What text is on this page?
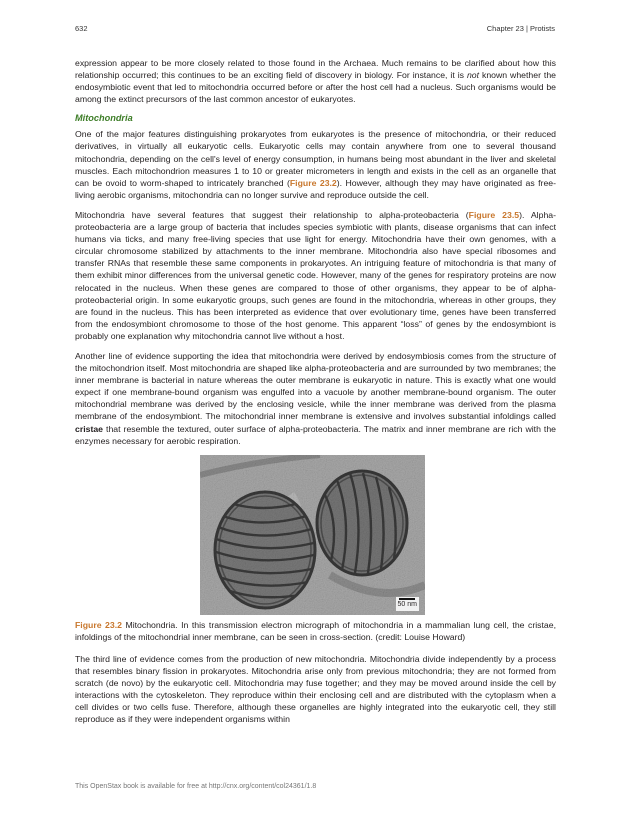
632	Chapter 23 | Protists

expression appear to be more closely related to those found in the Archaea. Much remains to be clarified about how this relationship occurred; this continues to be an exciting field of discovery in biology. For instance, it is not known whether the endosymbiotic event that led to mitochondria occurred before or after the host cell had a nucleus. Such organisms would be among the extinct precursors of the last common ancestor of eukaryotes.

Mitochondria

One of the major features distinguishing prokaryotes from eukaryotes is the presence of mitochondria, or their reduced derivatives, in virtually all eukaryotic cells. Eukaryotic cells may contain anywhere from one to several thousand mitochondria, depending on the cell's level of energy consumption, in humans being most abundant in the liver and skeletal muscles. Each mitochondrion measures 1 to 10 or greater micrometers in length and exists in the cell as an organelle that can be ovoid to worm-shaped to intricately branched (Figure 23.2). However, although they may have originated as free-living aerobic organisms, mitochondria can no longer survive and reproduce outside the cell.

Mitochondria have several features that suggest their relationship to alpha-proteobacteria (Figure 23.5). Alpha-proteobacteria are a large group of bacteria that includes species symbiotic with plants, disease organisms that can infect humans via ticks, and many free-living species that use light for energy. Mitochondria have their own genomes, with a circular chromosome stabilized by attachments to the inner membrane. Mitochondria also have special ribosomes and transfer RNAs that resemble these same components in prokaryotes. An intriguing feature of mitochondria is that many of them exhibit minor differences from the universal genetic code. However, many of the genes for respiratory proteins are now relocated in the nucleus. When these genes are compared to those of other organisms, they appear to be of alpha-proteobacterial origin. In some eukaryotic groups, such genes are found in the mitochondria, whereas in other groups, they are found in the nucleus. This has been interpreted as evidence that over evolutionary time, genes have been transferred from the endosymbiont chromosome to those of the host genome. This apparent “loss” of genes by the endosymbiont is probably one explanation why mitochondria cannot live without a host.

Another line of evidence supporting the idea that mitochondria were derived by endosymbiosis comes from the structure of the mitochondrion itself. Most mitochondria are shaped like alpha-proteobacteria and are surrounded by two membranes; the inner membrane is bacterial in nature whereas the outer membrane is eukaryotic in nature. This is exactly what one would expect if one membrane-bound organism was engulfed into a vacuole by another membrane-bound organism. The outer mitochondrial membrane was derived by the enclosing vesicle, while the inner membrane was derived from the plasma membrane of the endosymbiont. The mitochondrial inner membrane is extensive and involves substantial infoldings called cristae that resemble the textured, outer surface of alpha-proteobacteria. The matrix and inner membrane are rich with the enzymes necessary for aerobic respiration.

50 nm

Figure 23.2 Mitochondria. In this transmission electron micrograph of mitochondria in a mammalian lung cell, the cristae, infoldings of the mitochondrial inner membrane, can be seen in cross-section. (credit: Louise Howard)

The third line of evidence comes from the production of new mitochondria. Mitochondria divide independently by a process that resembles binary fission in prokaryotes. Mitochondria arise only from previous mitochondria; they are not formed from scratch (de novo) by the eukaryotic cell. Mitochondria may fuse together; and they may be moved around inside the cell by interactions with the cytoskeleton. They reproduce within their enclosing cell and are distributed with the cytoplasm when a cell divides or two cells fuse. Therefore, although these organelles are highly integrated into the eukaryotic cell, they still reproduce as if they were independent organisms within

This OpenStax book is available for free at http://cnx.org/content/col24361/1.8
